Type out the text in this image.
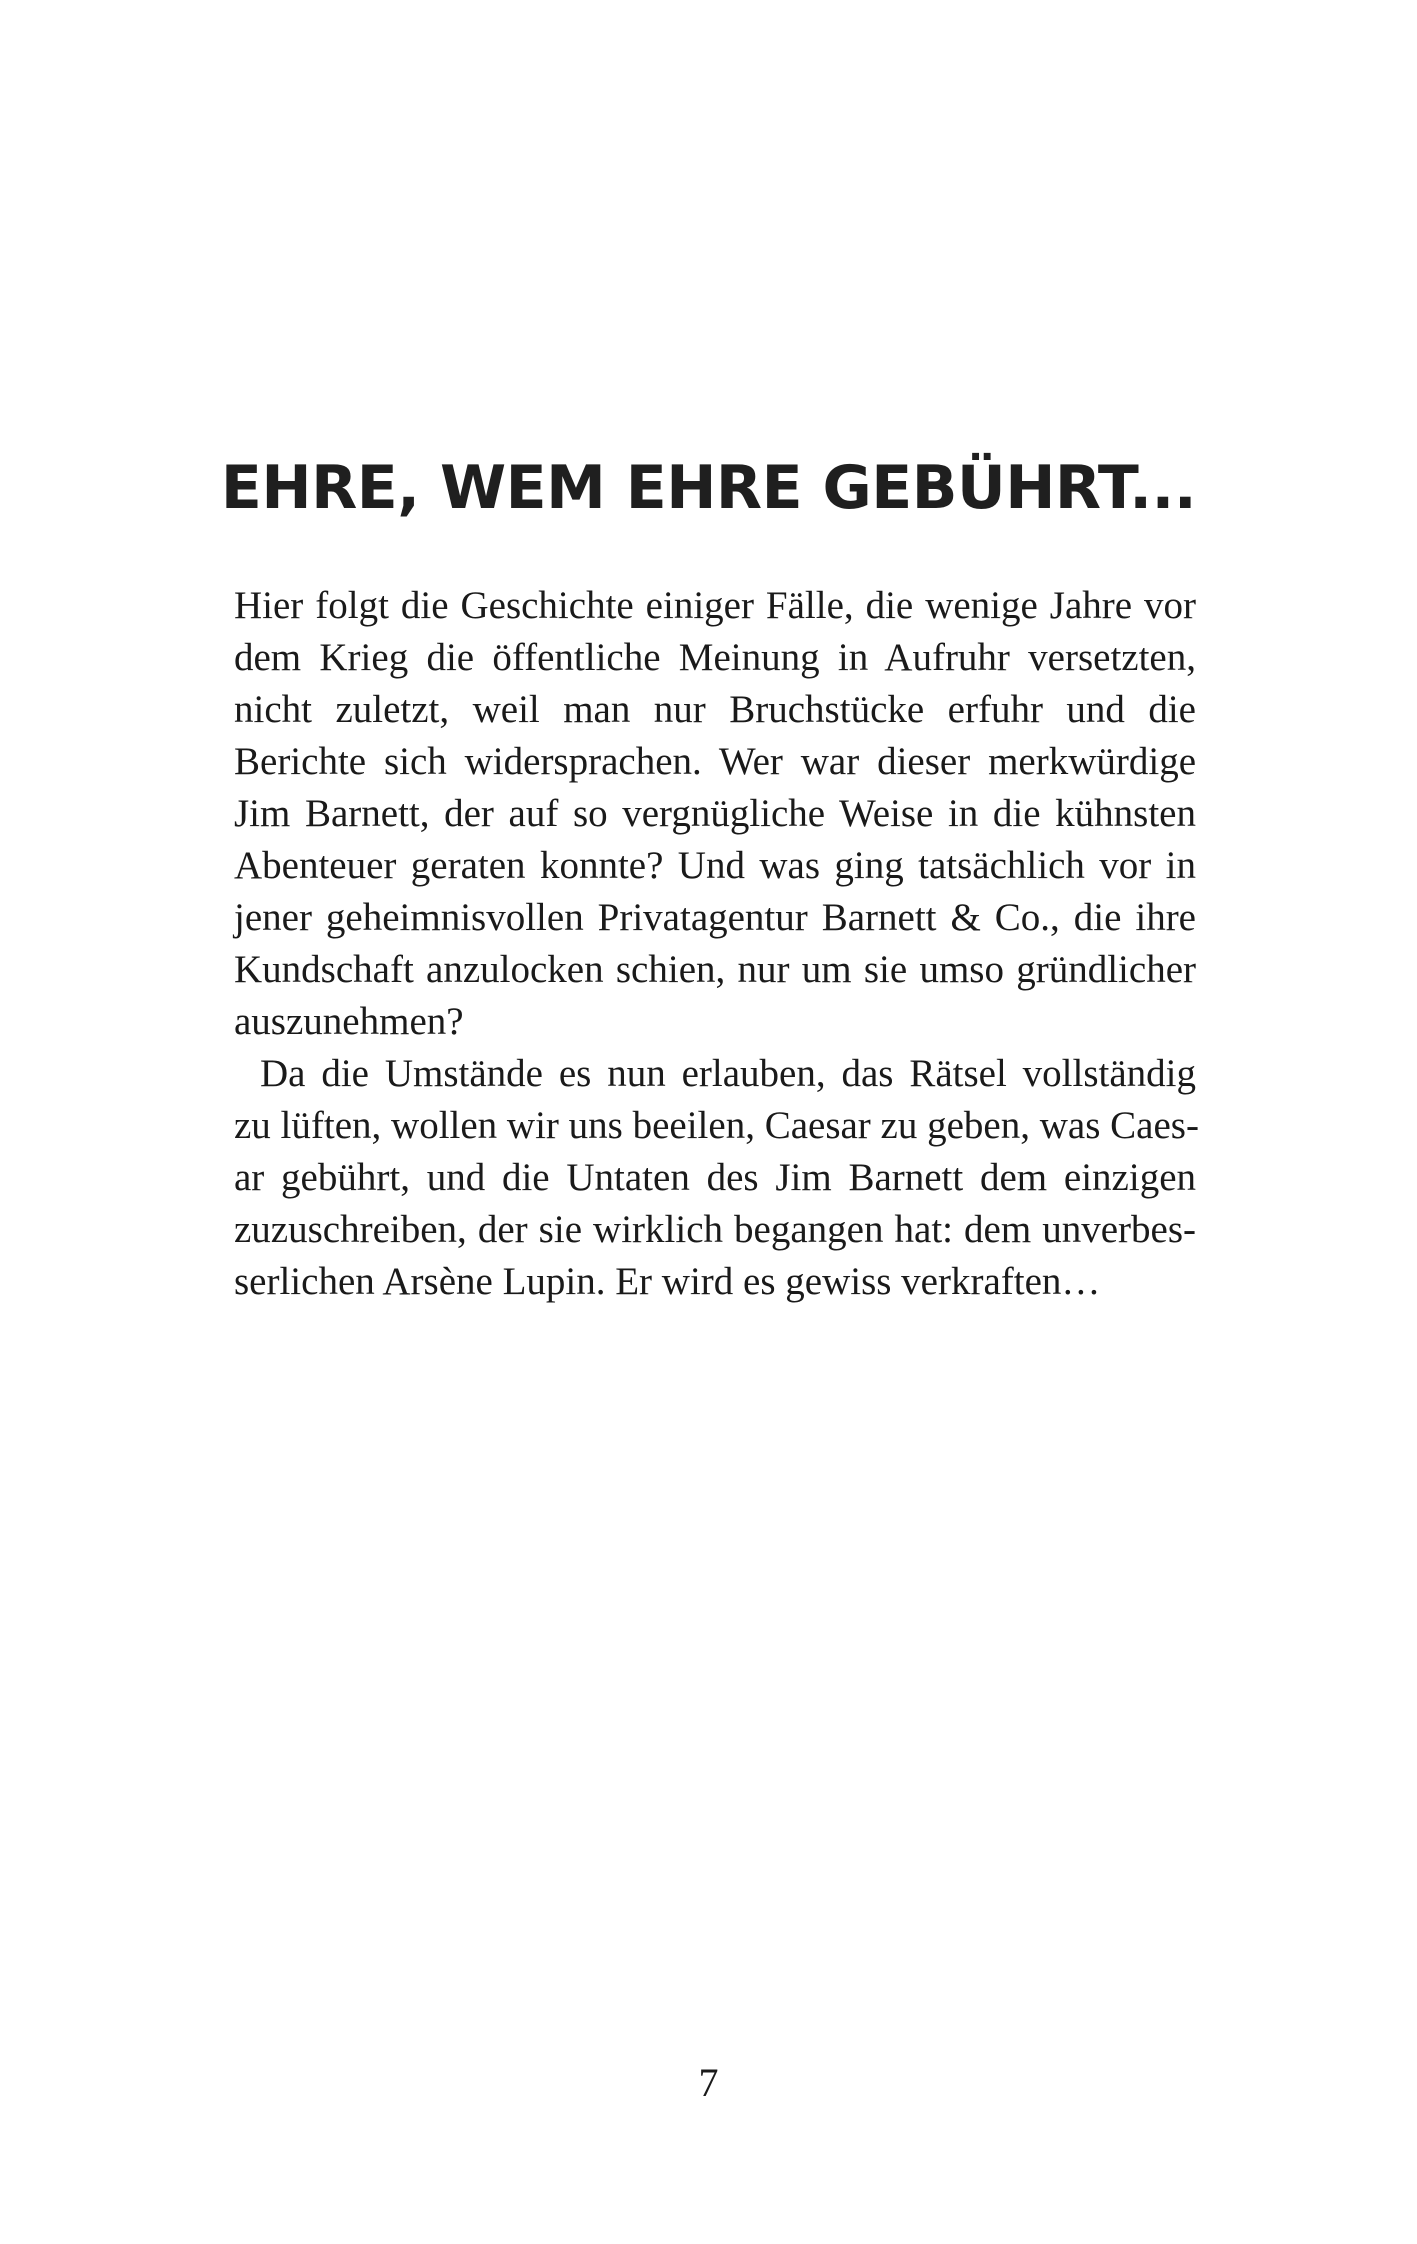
EHRE, WEM EHRE GEBÜHRT...

Hier folgt die Geschichte einiger Fälle, die wenige Jahre vor
dem Krieg die öffentliche Meinung in Aufruhr versetzten,
nicht zuletzt, weil man nur Bruchstücke erfuhr und die
Berichte sich widersprachen. Wer war dieser merkwürdige
Jim Barnett, der auf so vergnügliche Weise in die kühnsten
Abenteuer geraten konnte? Und was ging tatsächlich vor in
jener geheimnisvollen Privatagentur Barnett & Co., die ihre
Kundschaft anzulocken schien, nur um sie umso gründlicher
auszunehmen?

Da die Umstände es nun erlauben, das Rätsel vollständig
zu lüften, wollen wir uns beeilen, Caesar zu geben, was Caes-
ar gebührt, und die Untaten des Jim Barnett dem einzigen
zuzuschreiben, der sie wirklich begangen hat: dem unverbes-
serlichen Arsène Lupin. Er wird es gewiss verkraften…

7
